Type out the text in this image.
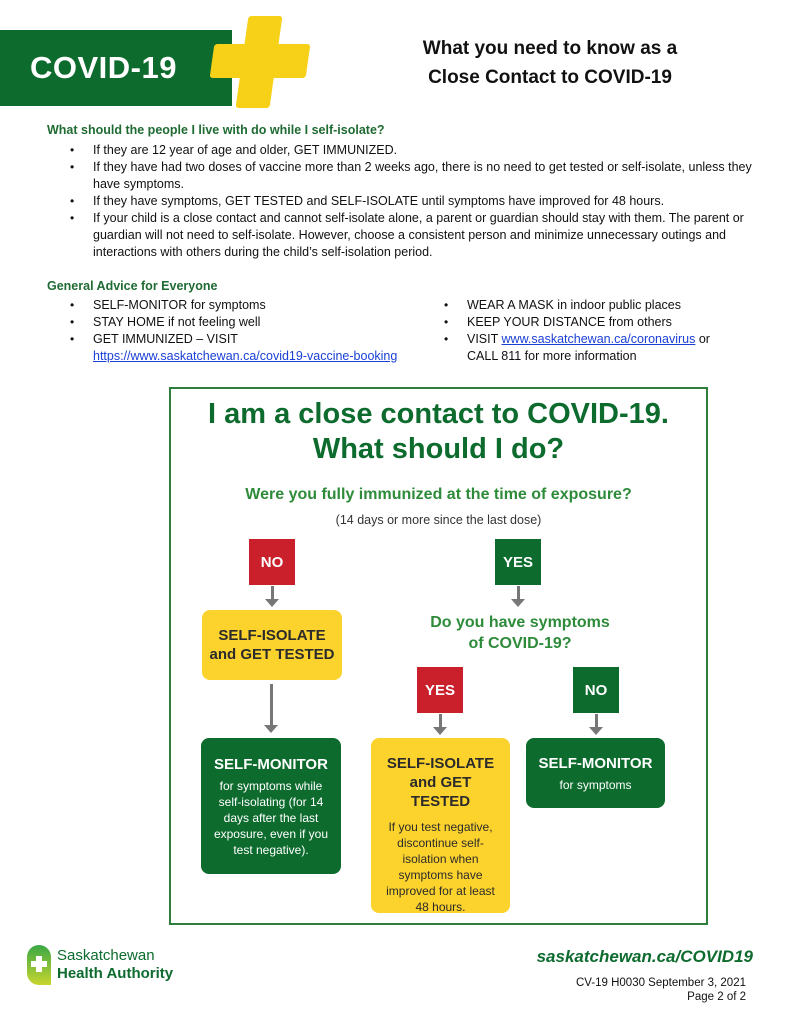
COVID-19
What you need to know as a
Close Contact to COVID-19
What should the people I live with do while I self-isolate?
• If they are 12 year of age and older, GET IMMUNIZED.
• If they have had two doses of vaccine more than 2 weeks ago, there is no need to get tested or self-isolate, unless they have symptoms.
• If they have symptoms, GET TESTED and SELF-ISOLATE until symptoms have improved for 48 hours.
• If your child is a close contact and cannot self-isolate alone, a parent or guardian should stay with them. The parent or guardian will not need to self-isolate. However, choose a consistent person and minimize unnecessary outings and interactions with others during the child’s self-isolation period.
General Advice for Everyone
• SELF-MONITOR for symptoms
• STAY HOME if not feeling well
• GET IMMUNIZED – VISIT
https://www.saskatchewan.ca/covid19-vaccine-booking
• WEAR A MASK in indoor public places
• KEEP YOUR DISTANCE from others
• VISIT www.saskatchewan.ca/coronavirus or
CALL 811 for more information
I am a close contact to COVID-19.
What should I do?
Were you fully immunized at the time of exposure?
(14 days or more since the last dose)
NO
SELF-ISOLATE
and GET TESTED
SELF-MONITOR
for symptoms while self-isolating (for 14 days after the last exposure, even if you test negative).
YES
Do you have symptoms
of COVID-19?
YES
SELF-ISOLATE
and GET TESTED
If you test negative, discontinue self-isolation when symptoms have improved for at least 48 hours.
NO
SELF-MONITOR
for symptoms
Saskatchewan
Health Authority
saskatchewan.ca/COVID19
CV-19 H0030 September 3, 2021
Page 2 of 2
